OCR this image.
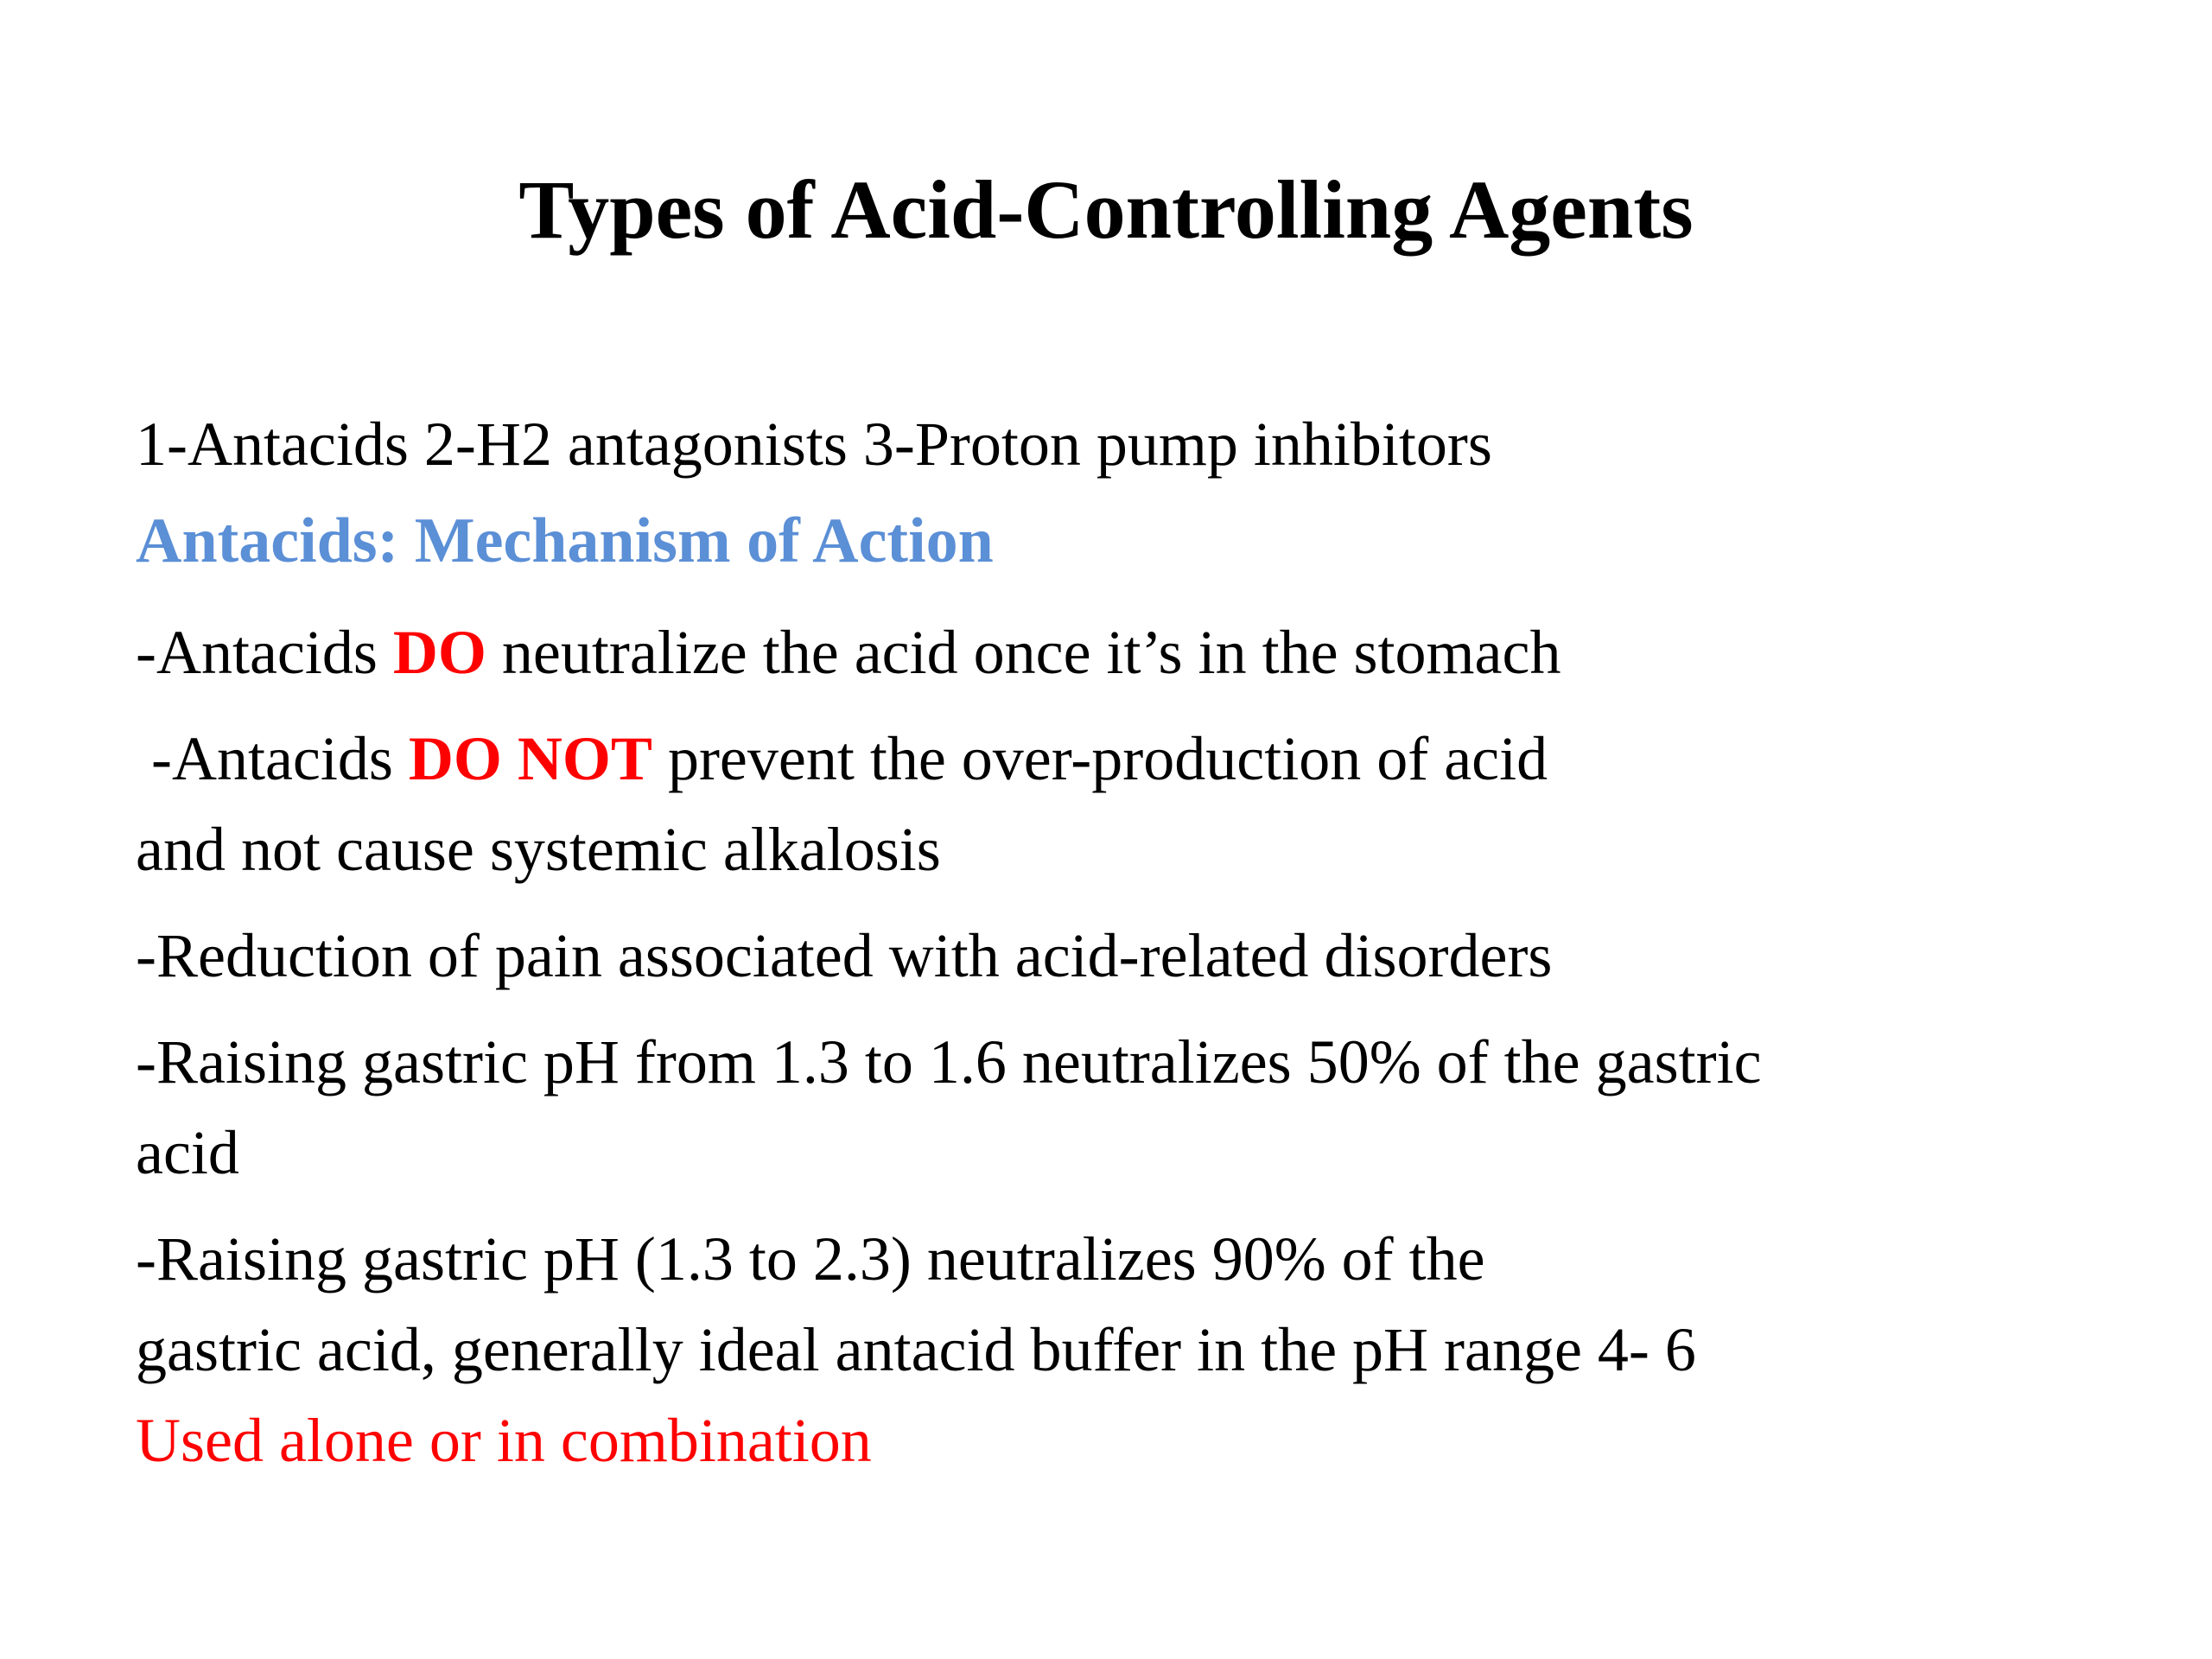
Types of Acid-Controlling Agents
1-Antacids 2-H2 antagonists 3-Proton pump inhibitors
Antacids: Mechanism of Action
-Antacids DO neutralize the acid once it’s in the stomach
-Antacids DO NOT prevent the over-production of acid
and not cause systemic alkalosis
-Reduction of pain associated with acid-related disorders
-Raising gastric pH from 1.3 to 1.6 neutralizes 50% of the gastric
acid
-Raising gastric pH (1.3 to 2.3) neutralizes 90% of the
gastric acid, generally ideal antacid buffer in the pH range 4- 6
Used alone or in combination
